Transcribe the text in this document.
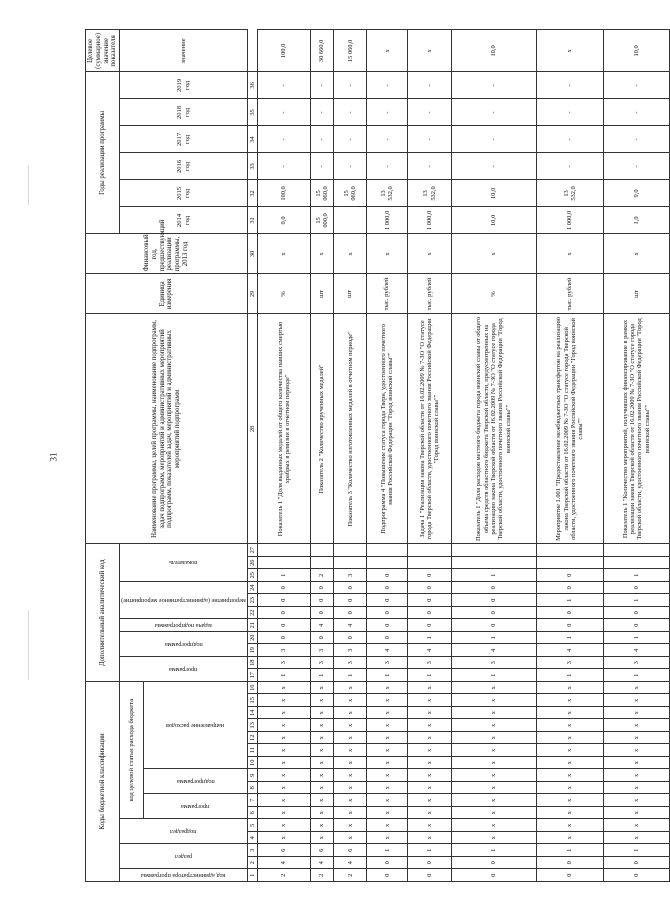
31
Коды бюджетной классификации																Дополнительный аналитический код											Наименование программы, целей программы, наименование подпрограмм, задач подпрограмм, мероприятий и административных мероприятий подпрограмм, показателей задач, мероприятий и административных мероприятий подпрограмм	Единица измерения	Финансовый год, предшествующий реализации программы, 2013 год	Годы реализации программы						Целевое (суммарное) значение показателя

код администратора программы	раздел		подраздел		код целевой статьи расхода бюджета											программа		подпрограмма		задача подпрограммы	мероприятие (административное мероприятие)			показатель						2014 год	2015 год	2016 год	2017 год	2018 год	2019 год	значение

					программа		подпрограмма		направление расходов																											

1	2	3	4	5	6	7	8	9	10	11	12	13	14	15	16	17	18	19	20	21	22	23	24	25	26	27	28	29	30	31	32	33	34	35	36	
2	4	6	x	x	x	x	x	x	x	x	x	x	x	x	x	1	3	3	0	0	0	0	0	1			Показатель 1 "Доля выданных медалей от общего количества павших смертью храбрых в ревизии в отчетном периоде"	%	x	0,0	100,0	-	-	-	-	100,0
2	4	6	x	x	x	x	x	x	x	x	x	x	x	x	x	1	3	3	0	4	0	0	0	2			Показатель 2 "Количество врученных медалей"	шт	x	15 000,0	15 060,0	-	-	-	-	30 660,0
2	4	6	x	x	x	x	x	x	x	x	x	x	x	x	x	1	3	3	0	4	0	0	0	3			Показатель 3 "Количество изготовленных медалей в отчетном периоде"	шт	x		15 060,0	-	-	-	-	15 060,0
0	0	1	x	x	x	x	x	x	x	x	x	x	x	x	x	1	3	4	0	0	0	0	0	0			Подпрограмма 4 "Повышение статуса города Твери, удостоенного почетного звания Российской Федерации "Город воинской славы""	тыс. рублей	x	1 000,0	13 532,0	-	-	-	-	x
0	0	1	x	x	x	x	x	x	x	x	x	x	x	x	x	1	3	4	1	0	0	0	0	0			Задача 1 "Реализация закона Тверской области от 16.02.2009 № 7-ЗО "О статусе города Тверской области, удостоенного почетного звания Российской Федерации "Город воинской славы""	тыс. рублей	x	1 000,0	13 532,0	-	-	-	-	x
0	0	1	x	x	x	x	x	x	x	x	x	x	x	x	x	1	3	4	1	0	0	0	0	1			Показатель 1 "Доля расходов местного бюджета города воинской славы от общего объема средств областного бюджета Тверской области, предусмотренных на реализацию закона Тверской области от 16.02.2009 № 7-ЗО "О статусе города Тверской области, удостоенного почетного звания Российской Федерации "Город воинской славы""	%	x	10,0	10,0	-	-	-	-	10,0
0	0	1	x	x	x	x	x	x	x	x	x	x	x	x	x	1	3	4	1	0	0	1	0	0			Мероприятие 1.001 "Предоставление межбюджетных трансфертов на реализацию закона Тверской области от 16.02.2009 № 7-ЗО "О статусе города Тверской области, удостоенного почетного звания Российской Федерации "Город воинской славы""	тыс. рублей	x	1 000,0	13 532,0	-	-	-	-	x
0	0	1	x	x	x	x	x	x	x	x	x	x	x	x	x	1	3	4	1	0	0	1	0	1			Показатель 1 "Количество мероприятий, получивших финансирование в рамках реализации закона Тверской области от 16.02.2009 № 7-ЗО "О статусе города Тверской области, удостоенного почетного звания Российской Федерации "Город воинской славы""	шт	x	1,0	9,0	-	-	-	-	10,0
